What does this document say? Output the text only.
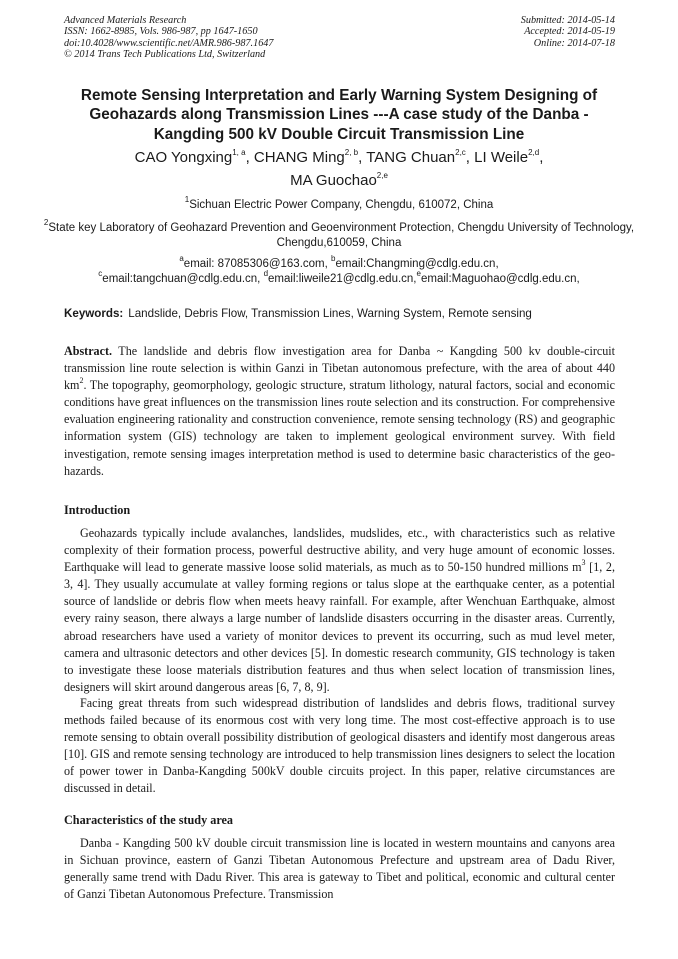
Advanced Materials Research
ISSN: 1662-8985, Vols. 986-987, pp 1647-1650
doi:10.4028/www.scientific.net/AMR.986-987.1647
© 2014 Trans Tech Publications Ltd, Switzerland
Submitted: 2014-05-14
Accepted: 2014-05-19
Online: 2014-07-18
Remote Sensing Interpretation and Early Warning System Designing of
Geohazards along Transmission Lines ---A case study of the Danba -
Kangding 500 kV Double Circuit Transmission Line
CAO Yongxing$^{1, a}$, CHANG Ming$^{2, b}$, TANG Chuan$^{2,c}$, LI Weile$^{2,d}$,
MA Guochao$^{2,e}$
$^1$Sichuan Electric Power Company, Chengdu, 610072, China
$^2$State key Laboratory of Geohazard Prevention and Geoenvironment Protection, Chengdu University of Technology, Chengdu,610059, China
$^a$email: 87085306@163.com, $^b$email:Changming@cdlg.edu.cn,
$^c$email:tangchuan@cdlg.edu.cn, $^d$email:liweile21@cdlg.edu.cn,$^e$email:Maguohao@cdlg.edu.cn,
Keywords: Landslide, Debris Flow, Transmission Lines, Warning System, Remote sensing
Abstract. The landslide and debris flow investigation area for Danba ~ Kangding 500 kv double-circuit transmission line route selection is within Ganzi in Tibetan autonomous prefecture, with the area of about 440 $km^2$. The topography, geomorphology, geologic structure, stratum lithology, natural factors, social and economic conditions have great influences on the transmission lines route selection and its construction. For comprehensive evaluation engineering rationality and construction convenience, remote sensing technology (RS) and geographic information system (GIS) technology are taken to implement geological environment survey. With field investigation, remote sensing images interpretation method is used to determine basic characteristics of the geo-hazards.
Introduction
Geohazards typically include avalanches, landslides, mudslides, etc., with characteristics such as relative complexity of their formation process, powerful destructive ability, and very huge amount of economic losses. Earthquake will lead to generate massive loose solid materials, as much as to 50-150 hundred millions $m^3$ [1, 2, 3, 4]. They usually accumulate at valley forming regions or talus slope at the earthquake center, as a potential source of landslide or debris flow when meets heavy rainfall. For example, after Wenchuan Earthquake, almost every rainy season, there always a large number of landslide disasters occurring in the disaster areas. Currently, abroad researchers have used a variety of monitor devices to prevent its occurring, such as mud level meter, camera and ultrasonic detectors and other devices [5]. In domestic research community, GIS technology is taken to investigate these loose materials distribution features and thus when select location of transmission lines, designers will skirt around dangerous areas [6, 7, 8, 9].
Facing great threats from such widespread distribution of landslides and debris flows, traditional survey methods failed because of its enormous cost with very long time. The most cost-effective approach is to use remote sensing to obtain overall possibility distribution of geological disasters and identify most dangerous areas [10]. GIS and remote sensing technology are introduced to help transmission lines designers to select the location of power tower in Danba-Kangding 500kV double circuits project. In this paper, relative circumstances are discussed in detail.
Characteristics of the study area
Danba - Kangding 500 kV double circuit transmission line is located in western mountains and canyons area in Sichuan province, eastern of Ganzi Tibetan Autonomous Prefecture and upstream area of Dadu River, generally same trend with Dadu River. This area is gateway to Tibet and political, economic and cultural center of Ganzi Tibetan Autonomous Prefecture. Transmission
